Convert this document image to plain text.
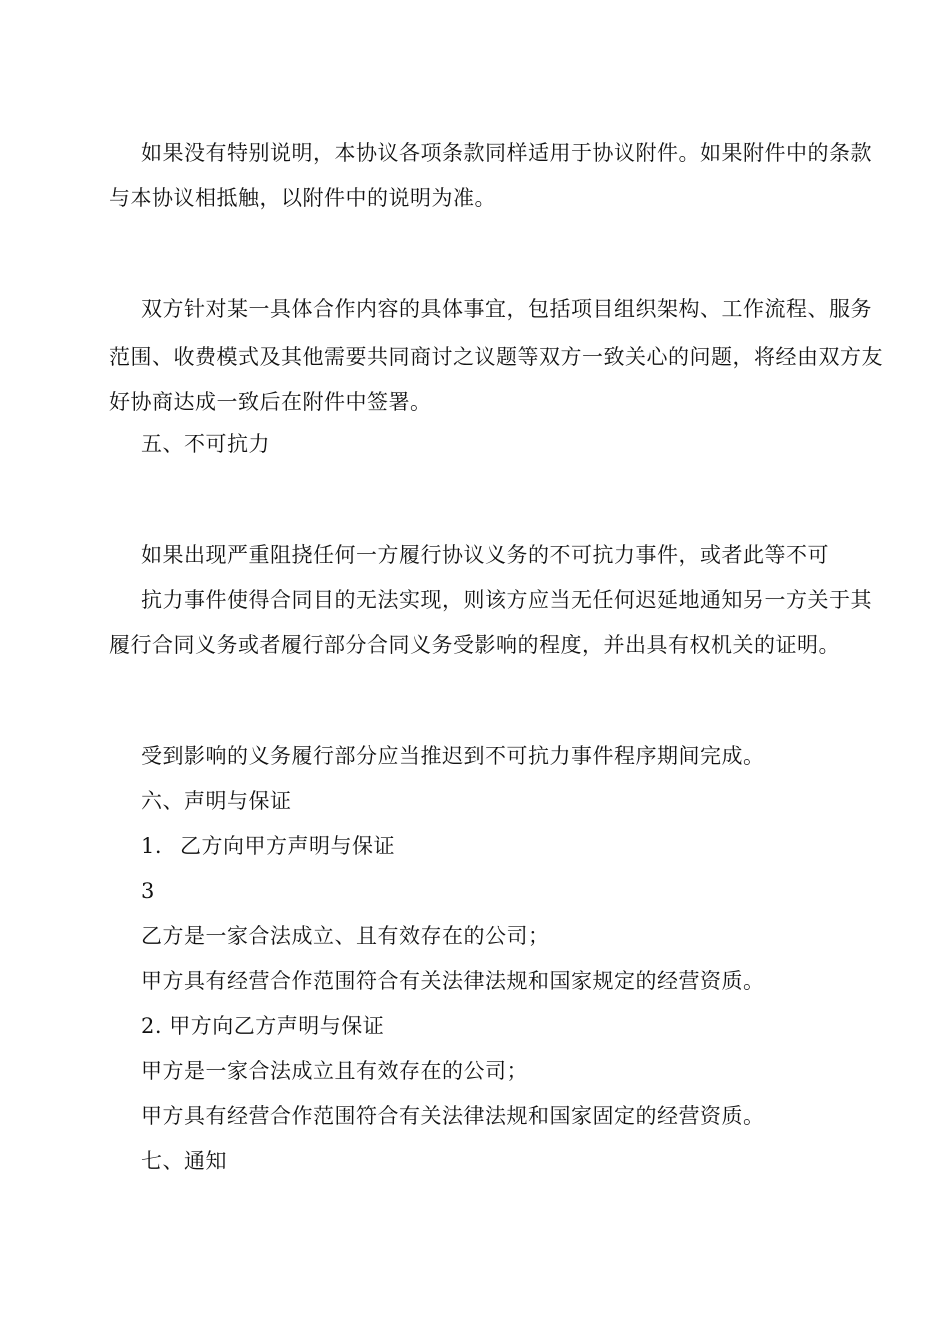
如果没有特别说明，本协议各项条款同样适用于协议附件。如果附件中的条款
与本协议相抵触，以附件中的说明为准。
双方针对某一具体合作内容的具体事宜，包括项目组织架构、工作流程、服务
范围、收费模式及其他需要共同商讨之议题等双方一致关心的问题，将经由双方友
好协商达成一致后在附件中签署。
五、不可抗力
如果出现严重阻挠任何一方履行协议义务的不可抗力事件，或者此等不可
抗力事件使得合同目的无法实现，则该方应当无任何迟延地通知另一方关于其
履行合同义务或者履行部分合同义务受影响的程度，并出具有权机关的证明。
受到影响的义务履行部分应当推迟到不可抗力事件程序期间完成。
六、声明与保证
1. 乙方向甲方声明与保证
3
乙方是一家合法成立、且有效存在的公司；
甲方具有经营合作范围符合有关法律法规和国家规定的经营资质。
2. 甲方向乙方声明与保证
甲方是一家合法成立且有效存在的公司；
甲方具有经营合作范围符合有关法律法规和国家固定的经营资质。
七、通知
